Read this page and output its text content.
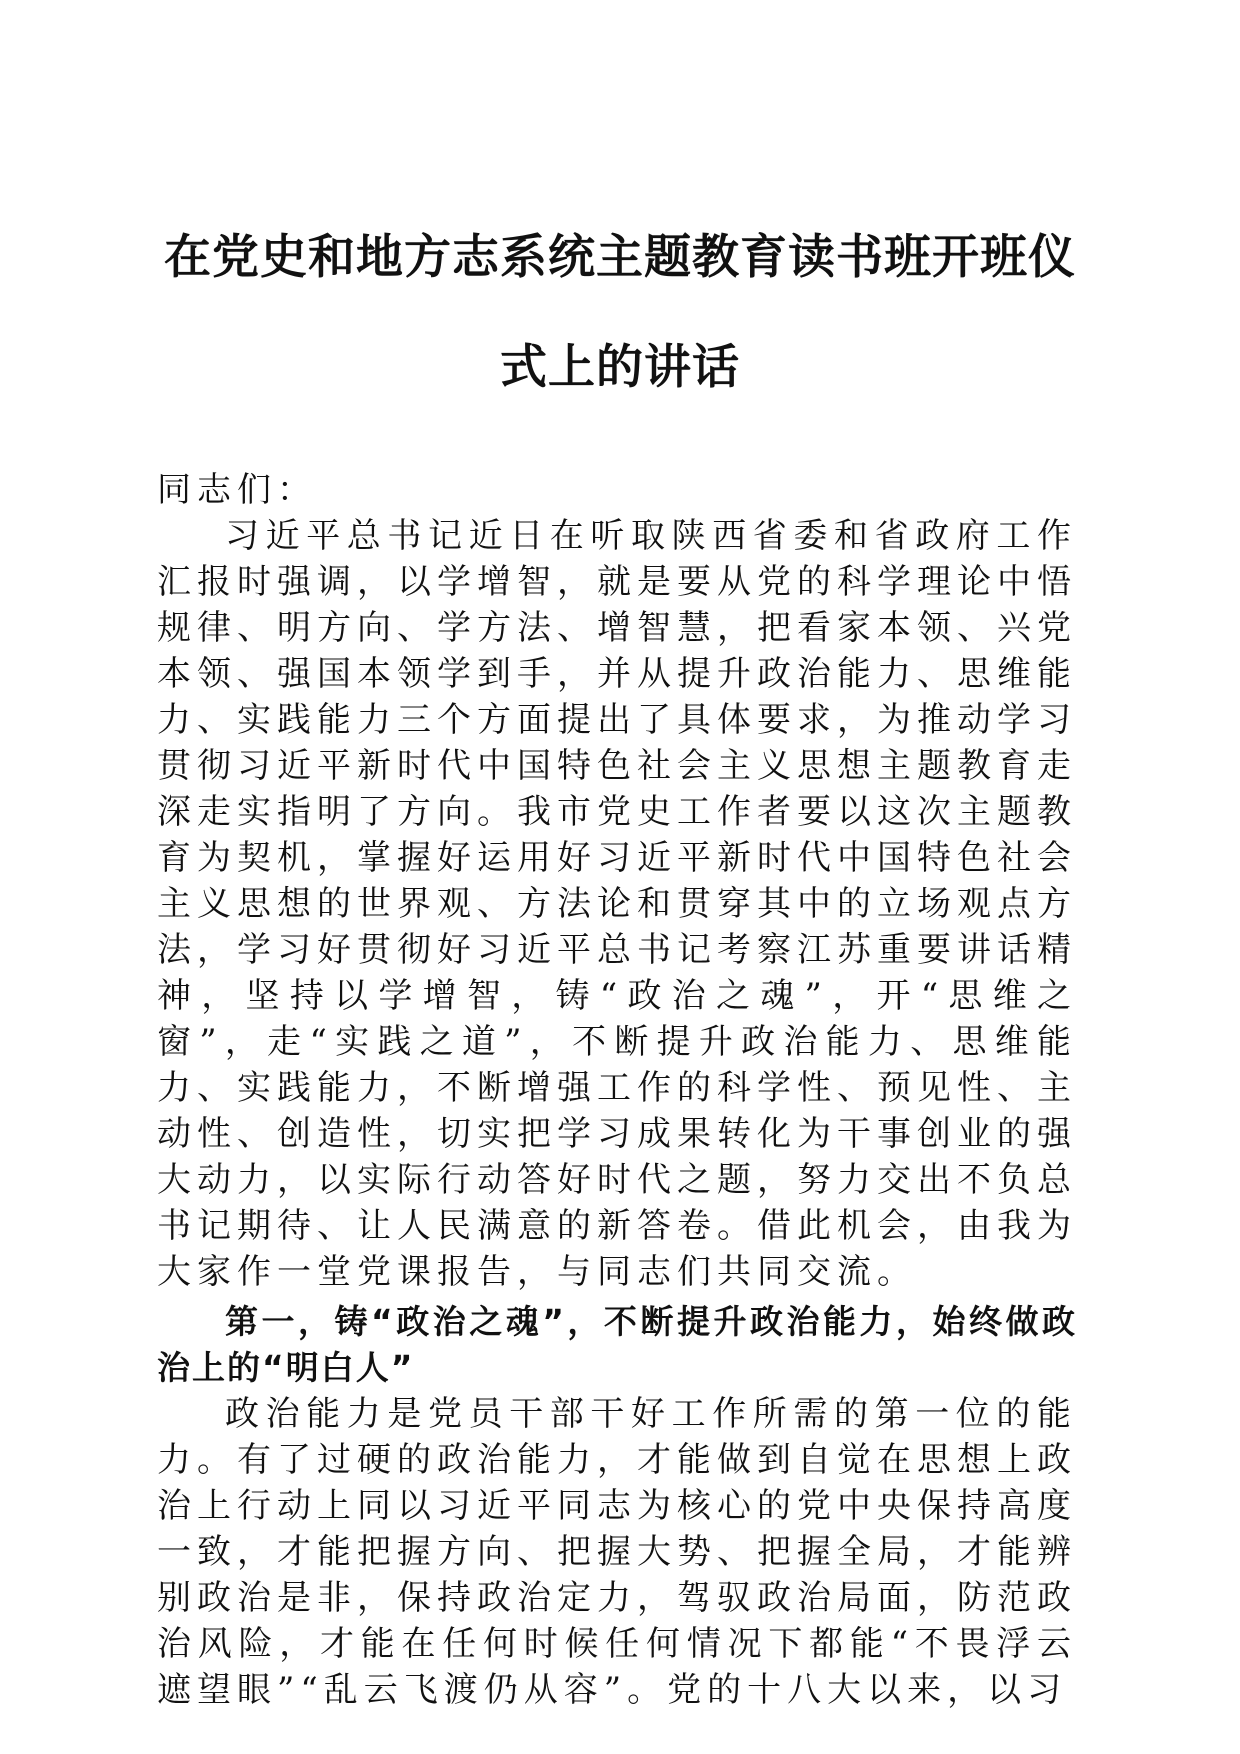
在党史和地方志系统主题教育读书班开班仪式上的讲话

同志们：

习近平总书记近日在听取陕西省委和省政府工作汇报时强调，以学增智，就是要从党的科学理论中悟规律、明方向、学方法、增智慧，把看家本领、兴党本领、强国本领学到手，并从提升政治能力、思维能力、实践能力三个方面提出了具体要求，为推动学习贯彻习近平新时代中国特色社会主义思想主题教育走深走实指明了方向。我市党史工作者要以这次主题教育为契机，掌握好运用好习近平新时代中国特色社会主义思想的世界观、方法论和贯穿其中的立场观点方法，学习好贯彻好习近平总书记考察江苏重要讲话精神，坚持以学增智，铸“政治之魂”，开“思维之窗”，走“实践之道”，不断提升政治能力、思维能力、实践能力，不断增强工作的科学性、预见性、主动性、创造性，切实把学习成果转化为干事创业的强大动力，以实际行动答好时代之题，努力交出不负总书记期待、让人民满意的新答卷。借此机会，由我为大家作一堂党课报告，与同志们共同交流。

第一，铸“政治之魂”，不断提升政治能力，始终做政治上的“明白人”

政治能力是党员干部干好工作所需的第一位的能力。有了过硬的政治能力，才能做到自觉在思想上政治上行动上同以习近平同志为核心的党中央保持高度一致，才能把握方向、把握大势、把握全局，才能辨别政治是非，保持政治定力，驾驭政治局面，防范政治风险，才能在任何时候任何情况下都能“不畏浮云遮望眼”“乱云飞渡仍从容”。党的十八大以来，以习
